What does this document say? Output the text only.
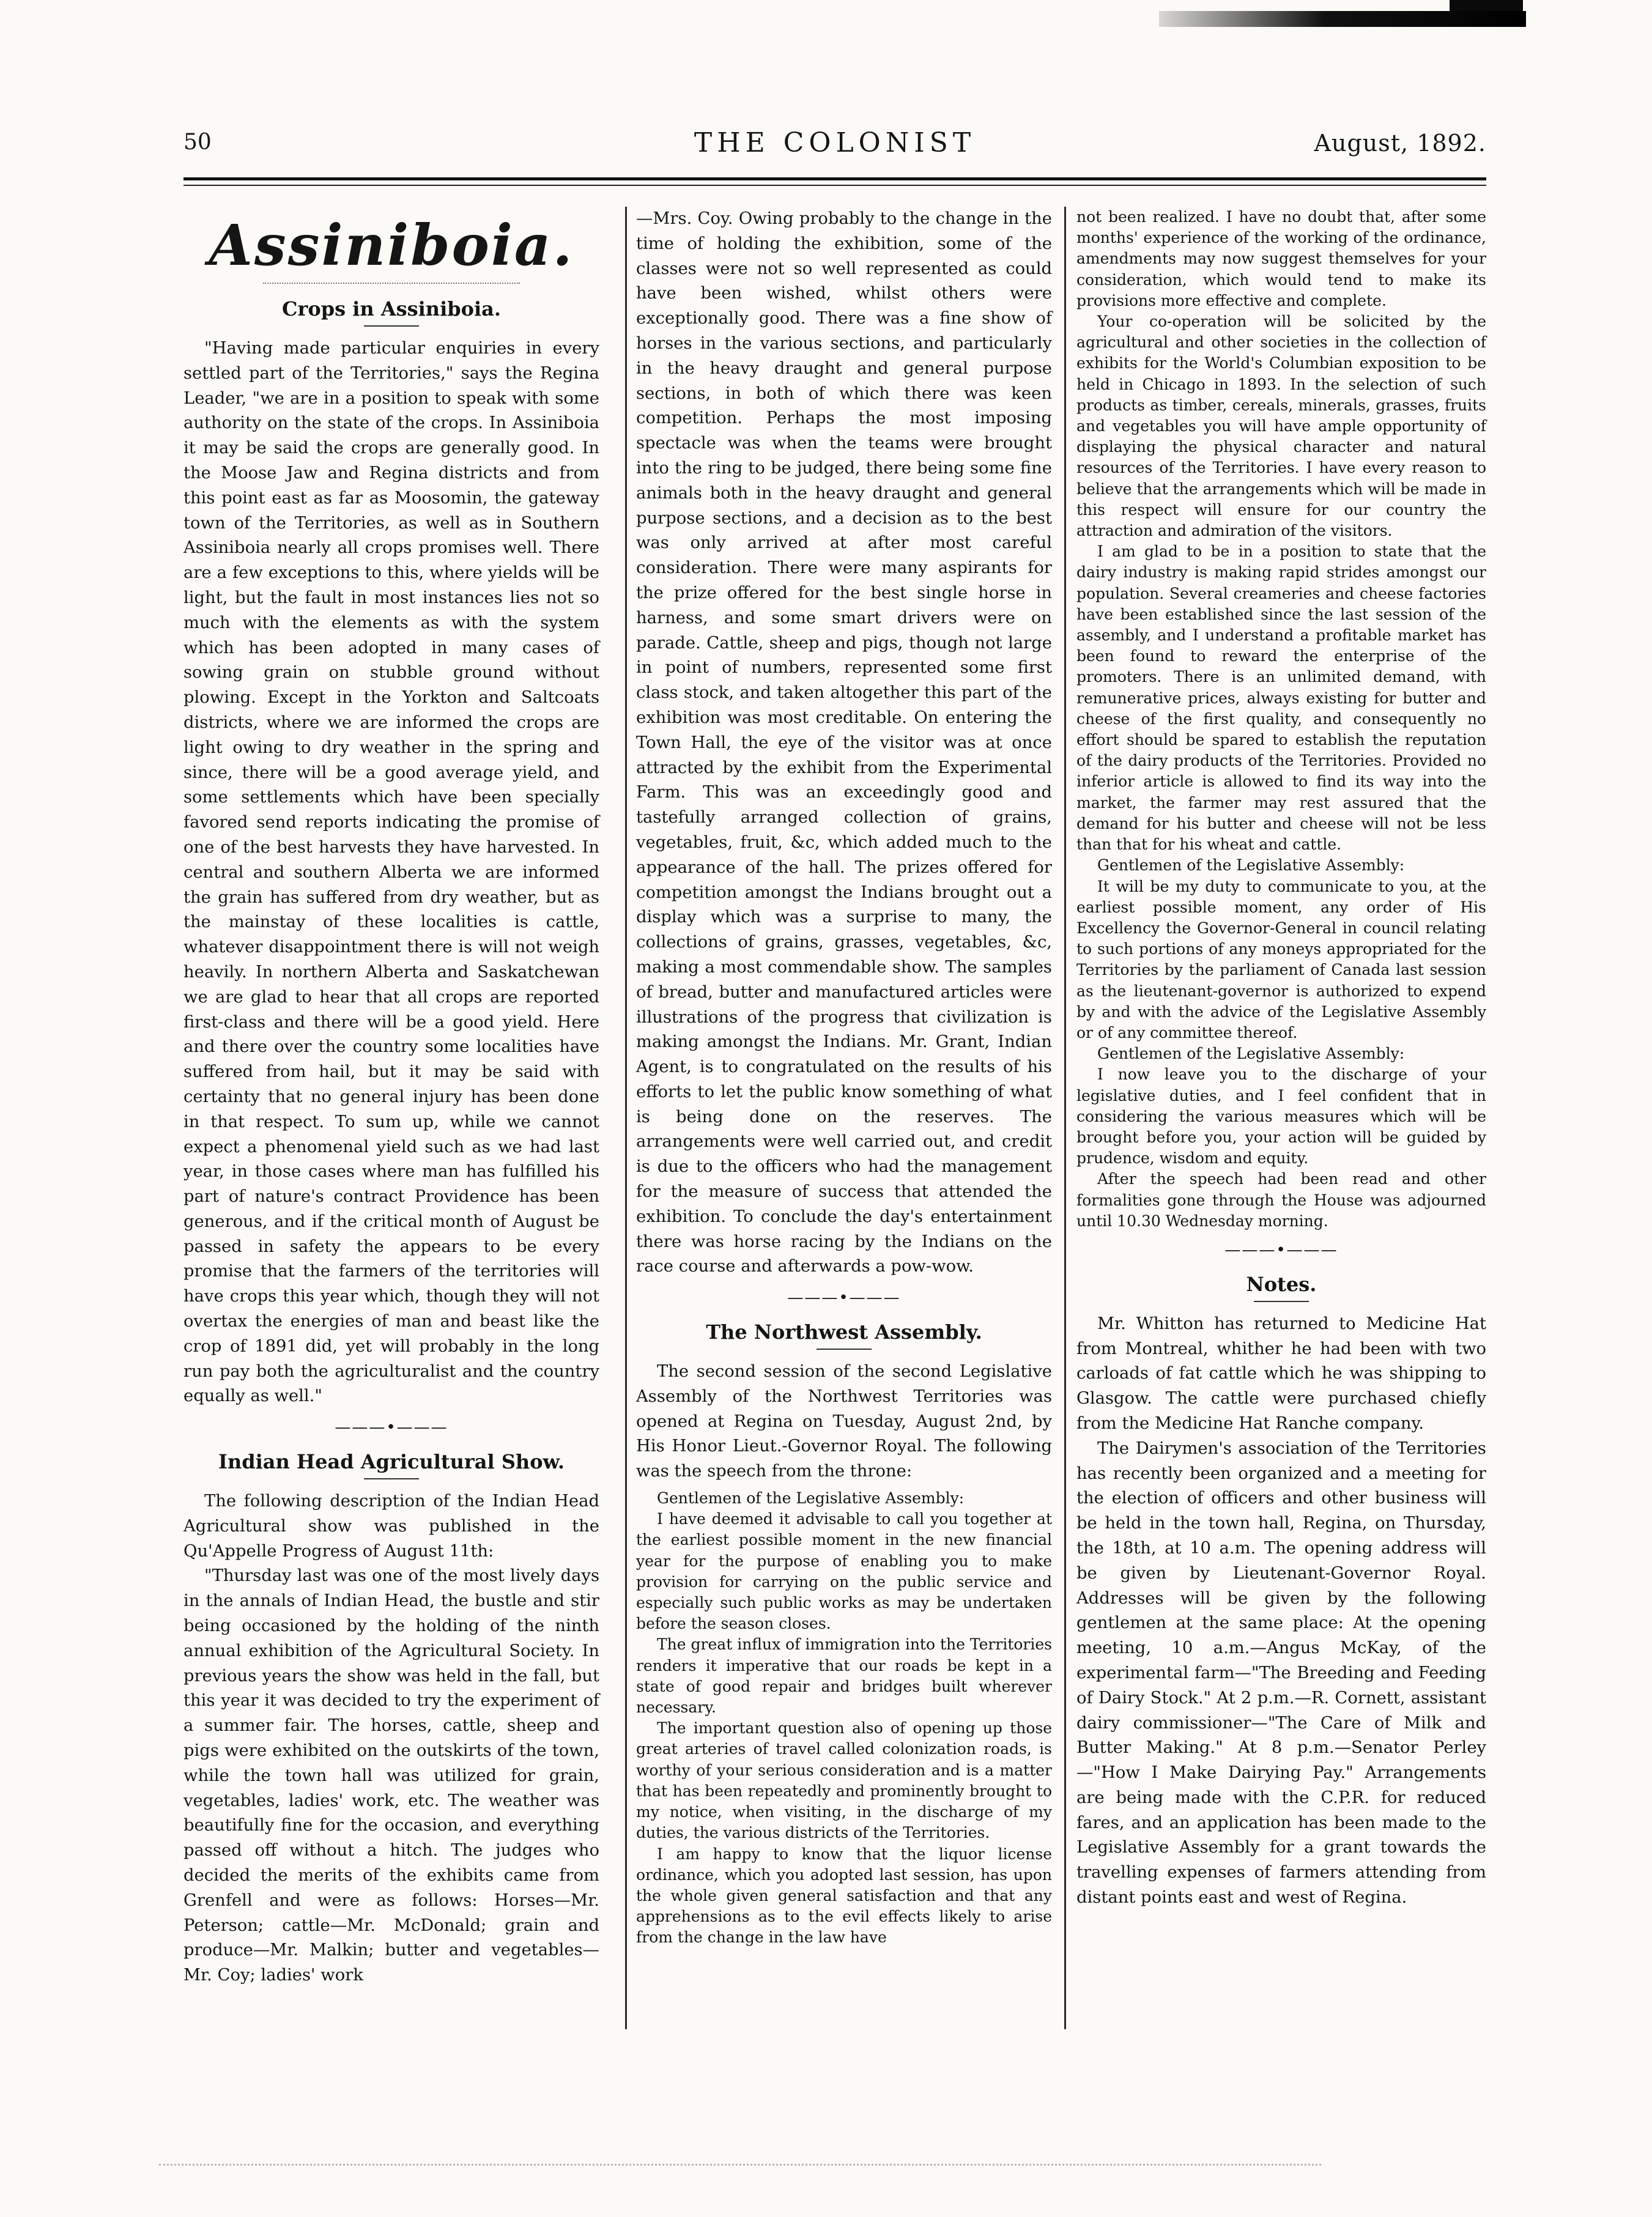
50	THE COLONIST	August, 1892.
Assiniboia.
Crops in Assiniboia.

"Having made particular enquiries in every settled part of the Territories," says the Regina Leader, "we are in a position to speak with some authority on the state of the crops. In Assiniboia it may be said the crops are generally good. In the Moose Jaw and Regina districts and from this point east as far as Moosomin, the gateway town of the Territories, as well as in Southern Assiniboia nearly all crops promises well. There are a few exceptions to this, where yields will be light, but the fault in most instances lies not so much with the elements as with the system which has been adopted in many cases of sowing grain on stubble ground without plowing. Except in the Yorkton and Saltcoats districts, where we are informed the crops are light owing to dry weather in the spring and since, there will be a good average yield, and some settlements which have been specially favored send reports indicating the promise of one of the best harvests they have harvested. In central and southern Alberta we are informed the grain has suffered from dry weather, but as the mainstay of these localities is cattle, whatever disappointment there is will not weigh heavily. In northern Alberta and Saskatchewan we are glad to hear that all crops are reported first-class and there will be a good yield. Here and there over the country some localities have suffered from hail, but it may be said with certainty that no general injury has been done in that respect. To sum up, while we cannot expect a phenomenal yield such as we had last year, in those cases where man has fulfilled his part of nature's contract Providence has been generous, and if the critical month of August be passed in safety the appears to be every promise that the farmers of the territories will have crops this year which, though they will not overtax the energies of man and beast like the crop of 1891 did, yet will probably in the long run pay both the agriculturalist and the country equally as well."

———•———
Indian Head Agricultural Show.

The following description of the Indian Head Agricultural show was published in the Qu'Appelle Progress of August 11th:

"Thursday last was one of the most lively days in the annals of Indian Head, the bustle and stir being occasioned by the holding of the ninth annual exhibition of the Agricultural Society. In previous years the show was held in the fall, but this year it was decided to try the experiment of a summer fair. The horses, cattle, sheep and pigs were exhibited on the outskirts of the town, while the town hall was utilized for grain, vegetables, ladies' work, etc. The weather was beautifully fine for the occasion, and everything passed off without a hitch. The judges who decided the merits of the exhibits came from Grenfell and were as follows: Horses—Mr. Peterson; cattle—Mr. McDonald; grain and produce—Mr. Malkin; butter and vegetables—Mr. Coy; ladies' work

—Mrs. Coy. Owing probably to the change in the time of holding the exhibition, some of the classes were not so well represented as could have been wished, whilst others were exceptionally good. There was a fine show of horses in the various sections, and particularly in the heavy draught and general purpose sections, in both of which there was keen competition. Perhaps the most imposing spectacle was when the teams were brought into the ring to be judged, there being some fine animals both in the heavy draught and general purpose sections, and a decision as to the best was only arrived at after most careful consideration. There were many aspirants for the prize offered for the best single horse in harness, and some smart drivers were on parade. Cattle, sheep and pigs, though not large in point of numbers, represented some first class stock, and taken altogether this part of the exhibition was most creditable. On entering the Town Hall, the eye of the visitor was at once attracted by the exhibit from the Experimental Farm. This was an exceedingly good and tastefully arranged collection of grains, vegetables, fruit, &c, which added much to the appearance of the hall. The prizes offered for competition amongst the Indians brought out a display which was a surprise to many, the collections of grains, grasses, vegetables, &c, making a most commendable show. The samples of bread, butter and manufactured articles were illustrations of the progress that civilization is making amongst the Indians. Mr. Grant, Indian Agent, is to congratulated on the results of his efforts to let the public know something of what is being done on the reserves. The arrangements were well carried out, and credit is due to the officers who had the management for the measure of success that attended the exhibition. To conclude the day's entertainment there was horse racing by the Indians on the race course and afterwards a pow-wow.

———•———
The Northwest Assembly.

The second session of the second Legislative Assembly of the Northwest Territories was opened at Regina on Tuesday, August 2nd, by His Honor Lieut.-Governor Royal. The following was the speech from the throne:

Gentlemen of the Legislative Assembly:

I have deemed it advisable to call you together at the earliest possible moment in the new financial year for the purpose of enabling you to make provision for carrying on the public service and especially such public works as may be undertaken before the season closes.

The great influx of immigration into the Territories renders it imperative that our roads be kept in a state of good repair and bridges built wherever necessary.

The important question also of opening up those great arteries of travel called colonization roads, is worthy of your serious consideration and is a matter that has been repeatedly and prominently brought to my notice, when visiting, in the discharge of my duties, the various districts of the Territories.

I am happy to know that the liquor license ordinance, which you adopted last session, has upon the whole given general satisfaction and that any apprehensions as to the evil effects likely to arise from the change in the law have

not been realized. I have no doubt that, after some months' experience of the working of the ordinance, amendments may now suggest themselves for your consideration, which would tend to make its provisions more effective and complete.

Your co-operation will be solicited by the agricultural and other societies in the collection of exhibits for the World's Columbian exposition to be held in Chicago in 1893. In the selection of such products as timber, cereals, minerals, grasses, fruits and vegetables you will have ample opportunity of displaying the physical character and natural resources of the Territories. I have every reason to believe that the arrangements which will be made in this respect will ensure for our country the attraction and admiration of the visitors.

I am glad to be in a position to state that the dairy industry is making rapid strides amongst our population. Several creameries and cheese factories have been established since the last session of the assembly, and I understand a profitable market has been found to reward the enterprise of the promoters. There is an unlimited demand, with remunerative prices, always existing for butter and cheese of the first quality, and consequently no effort should be spared to establish the reputation of the dairy products of the Territories. Provided no inferior article is allowed to find its way into the market, the farmer may rest assured that the demand for his butter and cheese will not be less than that for his wheat and cattle.

Gentlemen of the Legislative Assembly:

It will be my duty to communicate to you, at the earliest possible moment, any order of His Excellency the Governor-General in council relating to such portions of any moneys appropriated for the Territories by the parliament of Canada last session as the lieutenant-governor is authorized to expend by and with the advice of the Legislative Assembly or of any committee thereof.

Gentlemen of the Legislative Assembly:

I now leave you to the discharge of your legislative duties, and I feel confident that in considering the various measures which will be brought before you, your action will be guided by prudence, wisdom and equity.

After the speech had been read and other formalities gone through the House was adjourned until 10.30 Wednesday morning.

———•———
Notes.

Mr. Whitton has returned to Medicine Hat from Montreal, whither he had been with two carloads of fat cattle which he was shipping to Glasgow. The cattle were purchased chiefly from the Medicine Hat Ranche company.

The Dairymen's association of the Territories has recently been organized and a meeting for the election of officers and other business will be held in the town hall, Regina, on Thursday, the 18th, at 10 a.m. The opening address will be given by Lieutenant-Governor Royal. Addresses will be given by the following gentlemen at the same place: At the opening meeting, 10 a.m.—Angus McKay, of the experimental farm—"The Breeding and Feeding of Dairy Stock." At 2 p.m.—R. Cornett, assistant dairy commissioner—"The Care of Milk and Butter Making." At 8 p.m.—Senator Perley—"How I Make Dairying Pay." Arrangements are being made with the C.P.R. for reduced fares, and an application has been made to the Legislative Assembly for a grant towards the travelling expenses of farmers attending from distant points east and west of Regina.
